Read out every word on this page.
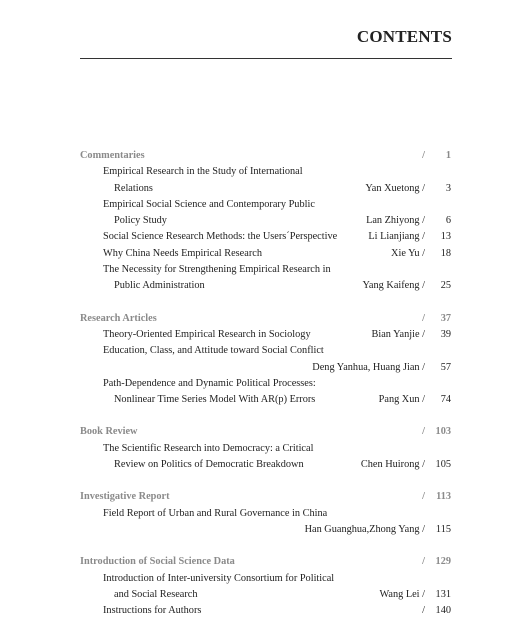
CONTENTS
Commentaries	/ 1
Empirical Research in the Study of International
Relations	Yan Xuetong / 3
Empirical Social Science and Contemporary Public
Policy Study	Lan Zhiyong / 6
Social Science Research Methods: the Users´Perspective	Li Lianjiang / 13
Why China Needs Empirical Research	Xie Yu / 18
The Necessity for Strengthening Empirical Research in
Public Administration	Yang Kaifeng / 25
Research Articles	/ 37
Theory-Oriented Empirical Research in Sociology	Bian Yanjie / 39
Education, Class, and Attitude toward Social Conflict
Deng Yanhua, Huang Jian / 57
Path-Dependence and Dynamic Political Processes:
Nonlinear Time Series Model With AR(p) Errors	Pang Xun / 74
Book Review	/ 103
The Scientific Research into Democracy: a Critical
Review on Politics of Democratic Breakdown	Chen Huirong / 105
Investigative Report	/ 113
Field Report of Urban and Rural Governance in China
Han Guanghua,Zhong Yang / 115
Introduction of Social Science Data	/ 129
Introduction of Inter-university Consortium for Political
and Social Research	Wang Lei / 131
Instructions for Authors	/ 140
